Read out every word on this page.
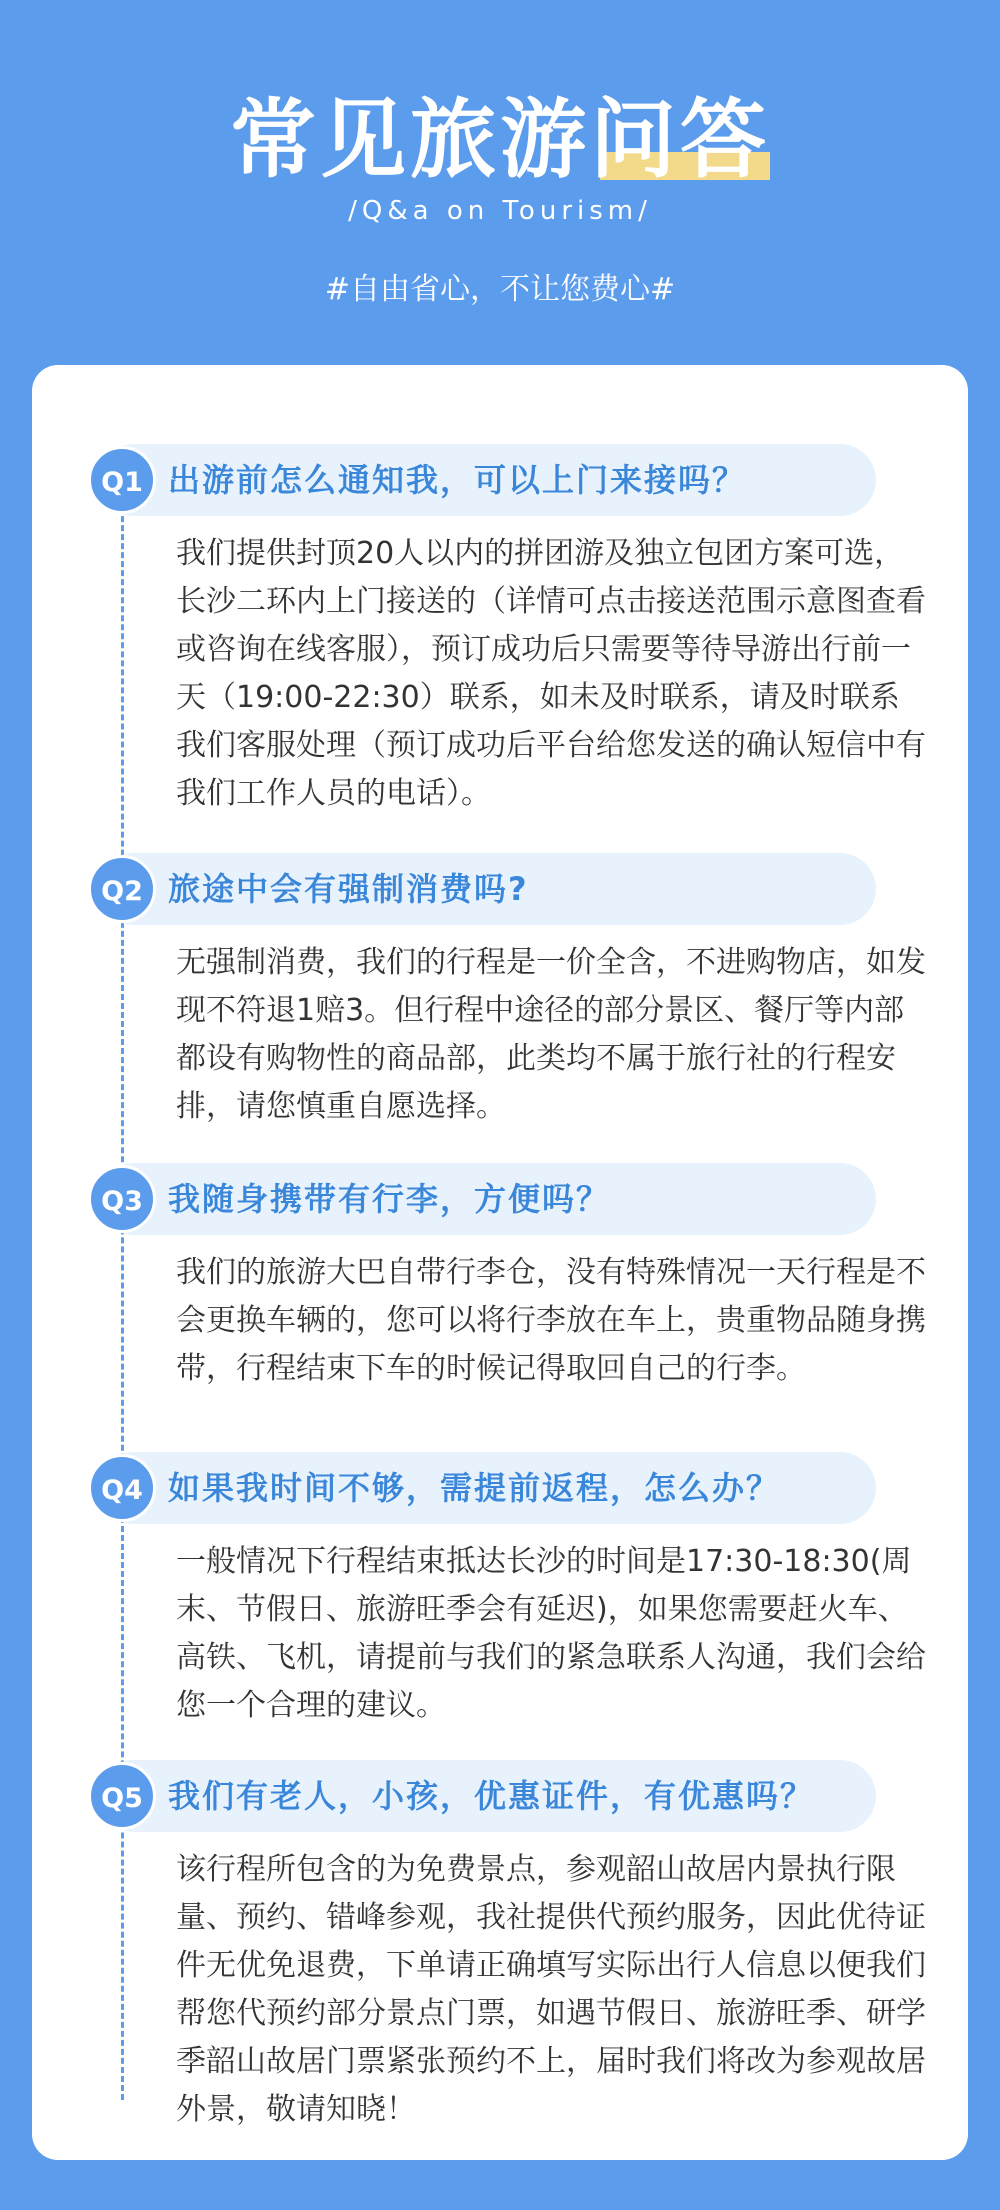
常见旅游问答
/Q&a on Tourism/
#自由省心，不让您费心#
Q1 出游前怎么通知我，可以上门来接吗？
我们提供封顶20人以内的拼团游及独立包团方案可选，长沙二环内上门接送的（详情可点击接送范围示意图查看或咨询在线客服），预订成功后只需要等待导游出行前一天（19:00-22:30）联系，如未及时联系，请及时联系我们客服处理（预订成功后平台给您发送的确认短信中有我们工作人员的电话）。
Q2 旅途中会有强制消费吗?
无强制消费，我们的行程是一价全含，不进购物店，如发现不符退1赔3。但行程中途径的部分景区、餐厅等内部都设有购物性的商品部，此类均不属于旅行社的行程安排，请您慎重自愿选择。
Q3 我随身携带有行李，方便吗？
我们的旅游大巴自带行李仓，没有特殊情况一天行程是不会更换车辆的，您可以将行李放在车上，贵重物品随身携带，行程结束下车的时候记得取回自己的行李。
Q4 如果我时间不够，需提前返程，怎么办？
一般情况下行程结束抵达长沙的时间是17:30-18:30(周末、节假日、旅游旺季会有延迟)，如果您需要赶火车、高铁、飞机，请提前与我们的紧急联系人沟通，我们会给您一个合理的建议。
Q5 我们有老人，小孩，优惠证件，有优惠吗？
该行程所包含的为免费景点，参观韶山故居内景执行限量、预约、错峰参观，我社提供代预约服务，因此优待证件无优免退费，下单请正确填写实际出行人信息以便我们帮您代预约部分景点门票，如遇节假日、旅游旺季、研学季韶山故居门票紧张预约不上，届时我们将改为参观故居外景，敬请知晓！
